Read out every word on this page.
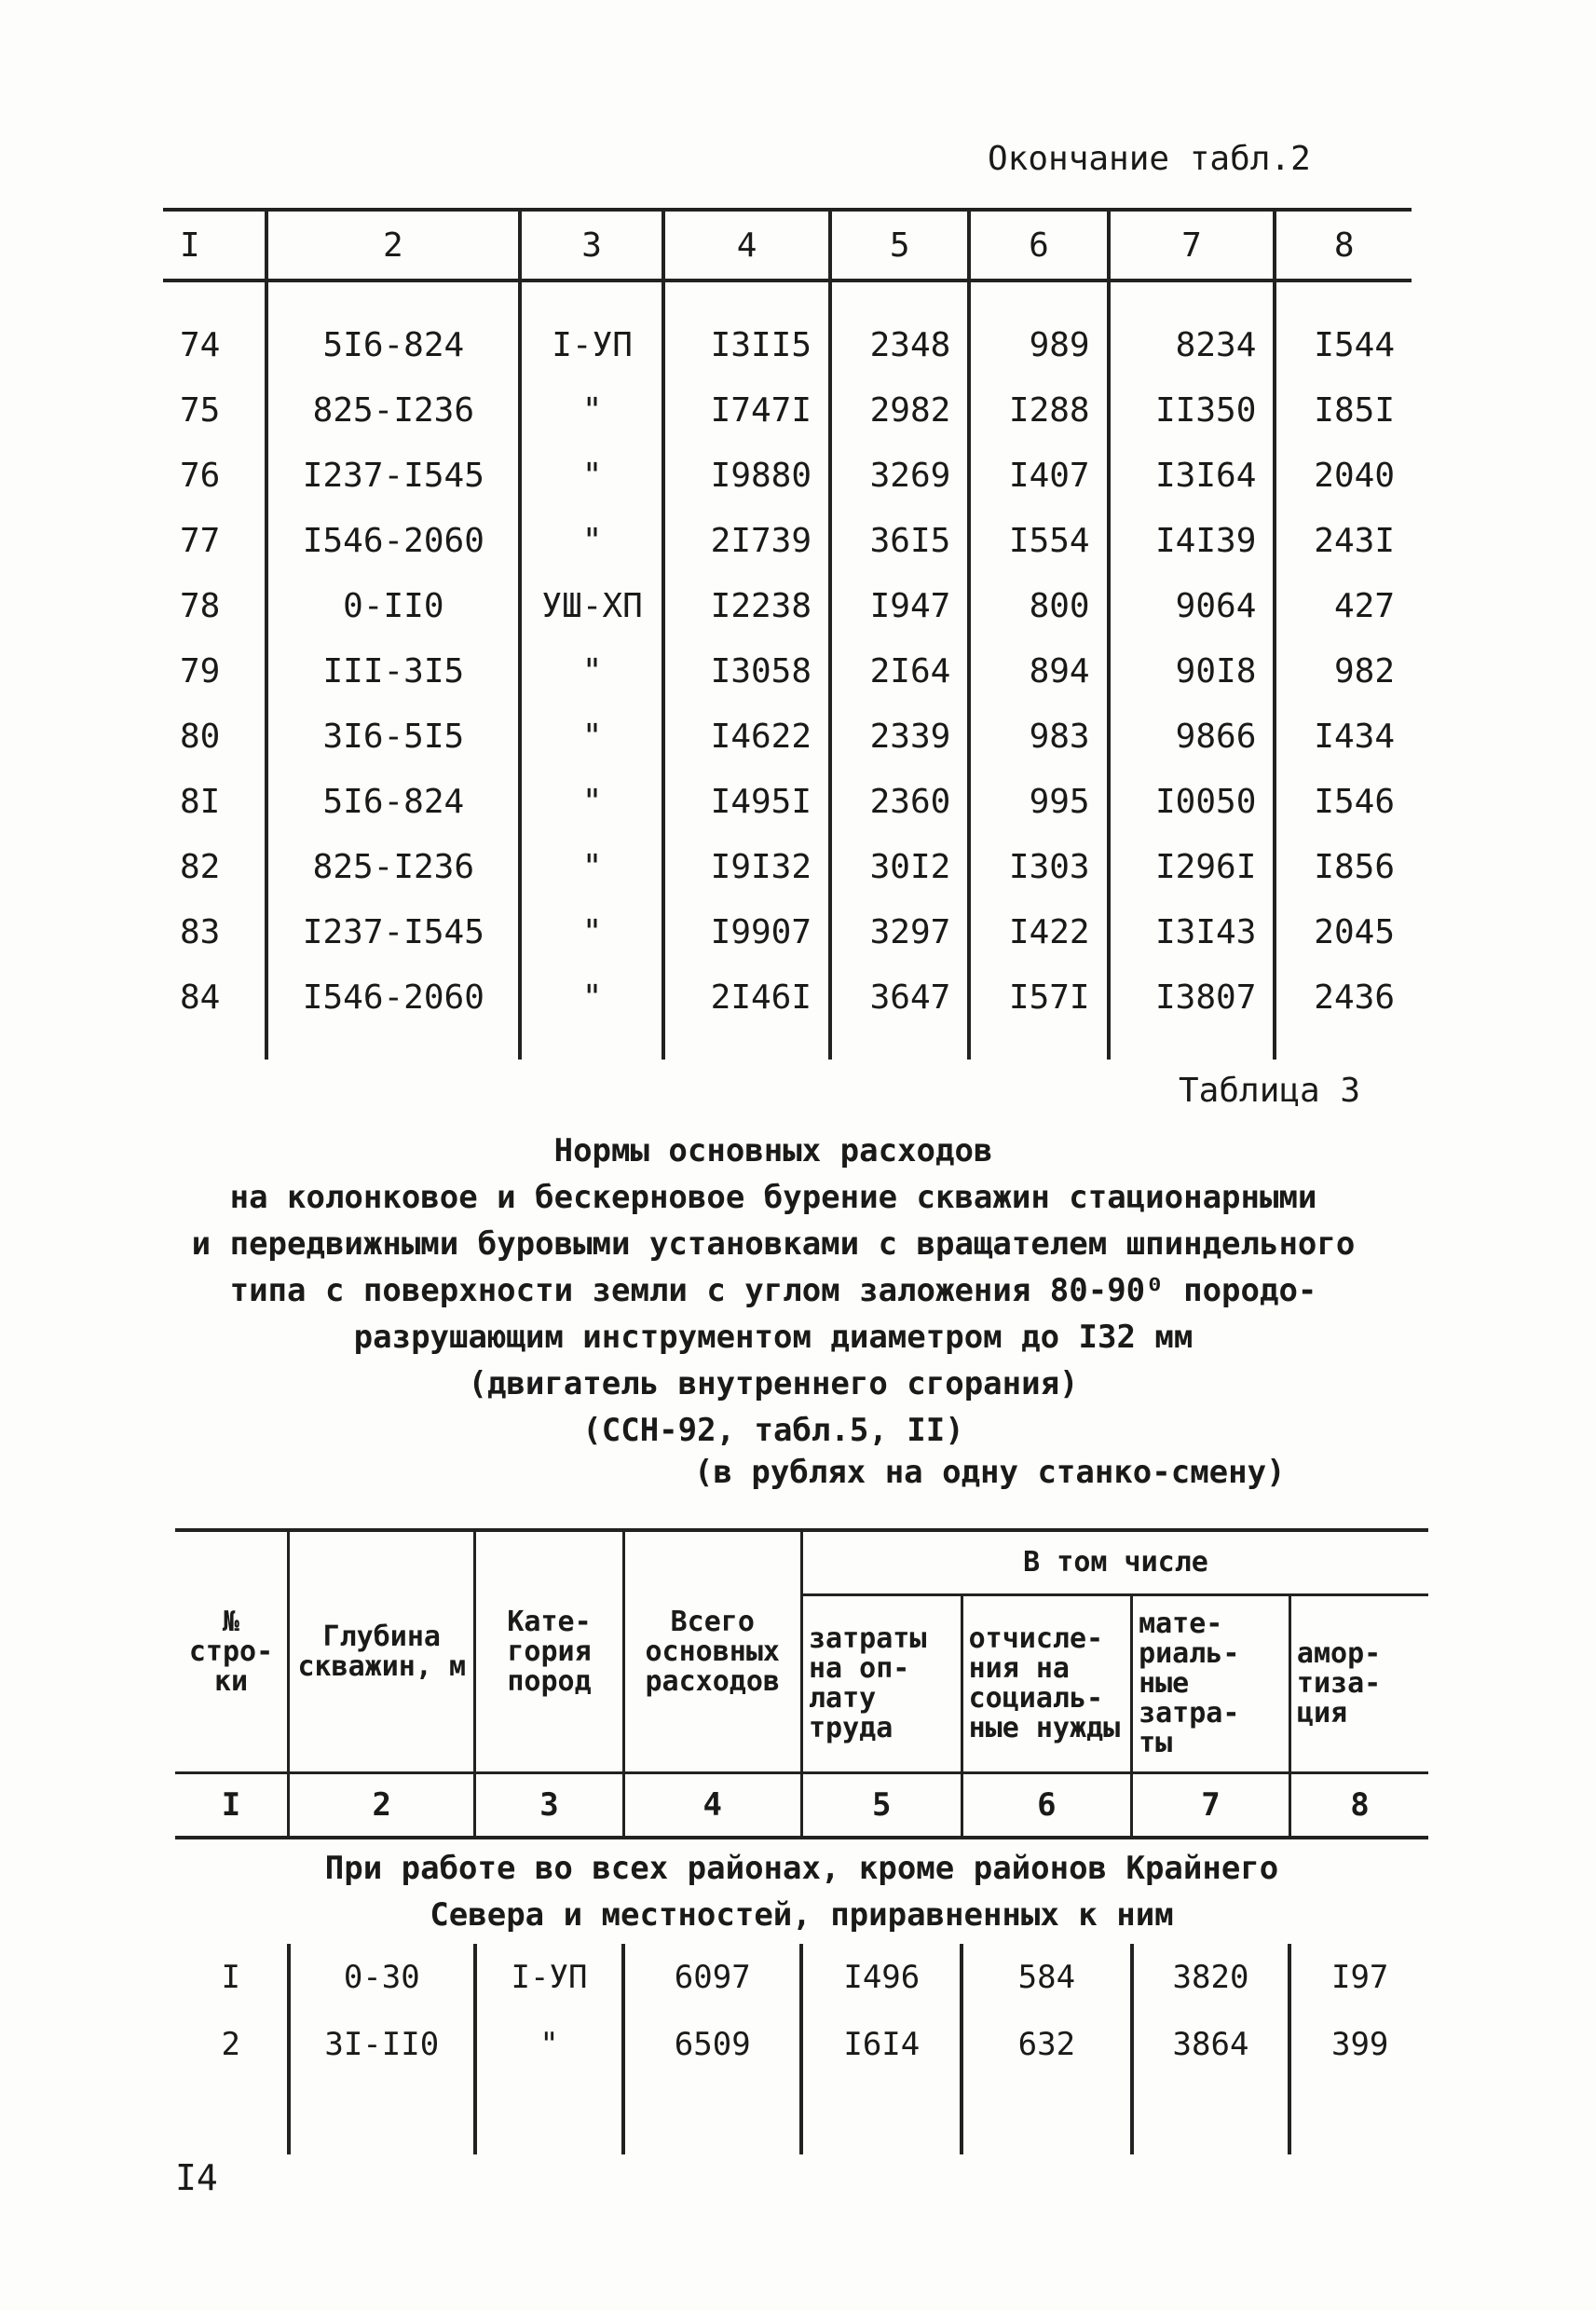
Окончание табл.2
I	2	3	4	5	6	7	8

74	5I6-824	I-УП	I3II5	2348	989	8234	I544
75	825-I236	"	I747I	2982	I288	II350	I85I
76	I237-I545	"	I9880	3269	I407	I3I64	2040
77	I546-2060	"	2I739	36I5	I554	I4I39	243I
78	0-II0	УШ-ХП	I2238	I947	800	9064	427
79	III-3I5	"	I3058	2I64	894	90I8	982
80	3I6-5I5	"	I4622	2339	983	9866	I434
8I	5I6-824	"	I495I	2360	995	I0050	I546
82	825-I236	"	I9I32	30I2	I303	I296I	I856
83	I237-I545	"	I9907	3297	I422	I3I43	2045
84	I546-2060	"	2I46I	3647	I57I	I3807	2436

Таблица 3
Нормы основных расходов
на колонковое и бескерновое бурение скважин стационарными
и передвижными буровыми установками с вращателем шпиндельного
типа с поверхности земли с углом заложения 80-90⁰ породо-
разрушающим инструментом диаметром до I32 мм
(двигатель внутреннего сгорания)
(ССН-92, табл.5, II)
(в рублях на одну станко-смену)
№ стро- ки	Глубина скважин, м	Кате- гория пород	Всего основных расходов	В том числе			
				затраты на оп- лату труда	отчисле- ния на социаль- ные нужды	мате- риаль- ные затра- ты	амор- тиза- ция
I	2	3	4	5	6	7	8

При работе во всех районах, кроме районов Крайнего
Севера и местностей, приравненных к ним							

I	0-30	I-УП	6097	I496	584	3820	I97
2	3I-II0	"	6509	I6I4	632	3864	399

I4
